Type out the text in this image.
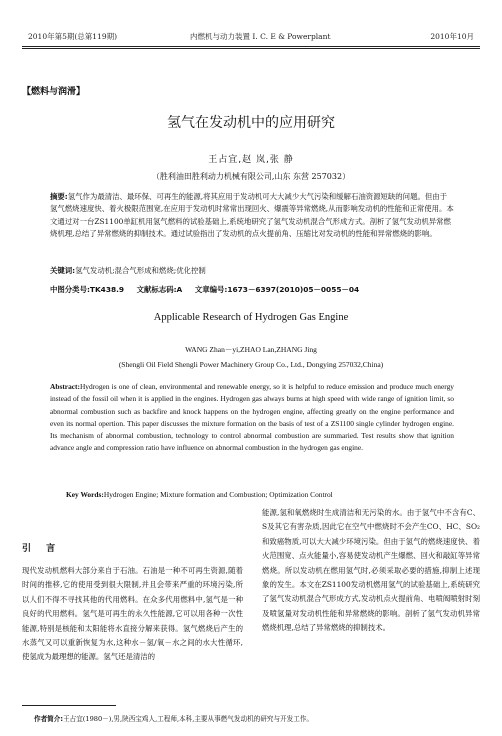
2010年第5期(总第119期)	内燃机与动力装置 I. C. E & Powerplant	2010年10月
【燃料与润滑】
氢气在发动机中的应用研究
王占宜,赵 岚,张 静
（胜利油田胜利动力机械有限公司,山东 东营 257032）
摘要:氢气作为最清洁、最环保、可再生的能源,将其应用于发动机可大大减少大气污染和缓解石油资源短缺的问题。但由于氢气燃烧速度快、着火极限范围宽,在应用于发动机时常常出现回火、爆震等异常燃烧,从而影响发动机的性能和正常使用。本文通过对一台ZS1100单缸机用氢气燃料的试验基础上,系统地研究了氢气发动机混合气形成方式。剖析了氢气发动机异常燃烧机理,总结了异常燃烧的抑制技术。通过试验指出了发动机的点火提前角、压缩比对发动机的性能和异常燃烧的影响。
关键词:氢气发动机;混合气形成和燃烧;优化控制
中图分类号:TK438.9 文献标志码:A 文章编号:1673－6397(2010)05－0055－04
Applicable Research of Hydrogen Gas Engine
WANG Zhan－yi,ZHAO Lan,ZHANG Jing
(Shengli Oil Field Shengli Power Machinery Group Co., Ltd., Dongying 257032,China)
Abstract:Hydrogen is one of clean, environmental and renewable energy, so it is helpful to reduce emission and produce much energy instead of the fossil oil when it is applied in the engines. Hydrogen gas always burns at high speed with wide range of ignition limit, so abnormal combustion such as backfire and knock happens on the hydrogen engine, affecting greatly on the engine performance and even its normal opertion. This paper discusses the mixture formation on the basis of test of a ZS1100 single cylinder hydrogen engine. Its mechanism of abnormal combustion, technology to control abnormal combustion are summaried. Test results show that ignition advance angle and compression ratio have influence on abnormal combustion in the hydrogen gas engine.
Key Words:Hydrogen Engine; Mixture formation and Combustion; Optimization Control
引 言
现代发动机燃料大部分来自于石油。石油是一种不可再生资源,随着时间的推移,它的使用受到很大限制,并且会带来严重的环境污染,所以人们不得不寻找其他的代用燃料。在众多代用燃料中,氢气是一种良好的代用燃料。氢气是可再生的永久性能源,它可以用各种一次性能源,特别是核能和太阳能将水直接分解来获得。氢气燃烧后产生的水蒸气又可以重新恢复为水,这种水－氢/氧－水之间的水大性循环,使氢成为最理想的能源。氢气还是清洁的
能源,氢和氧燃烧时生成清洁和无污染的水。由于氢气中不含有C、S及其它有害杂质,因此它在空气中燃烧时不会产生CO、HC、SO₂和致癌物质,可以大大减少环境污染。但由于氢气的燃烧速度快、着火范围宽、点火能量小,容易使发动机产生爆燃、回火和敲缸等异常燃烧。所以发动机在燃用氢气时,必须采取必要的措施,抑制上述现象的发生。本文在ZS1100发动机燃用氢气的试验基础上,系统研究了氢气发动机混合气形成方式,发动机点火提前角、电喷阀喷射时刻及喷氢量对发动机性能和异常燃烧的影响。剖析了氢气发动机异常燃烧机理,总结了异常燃烧的抑制技术。
作者简介:王占宜(1980－),男,陕西宝鸡人,工程师,本科,主要从事燃气发动机的研究与开发工作。
